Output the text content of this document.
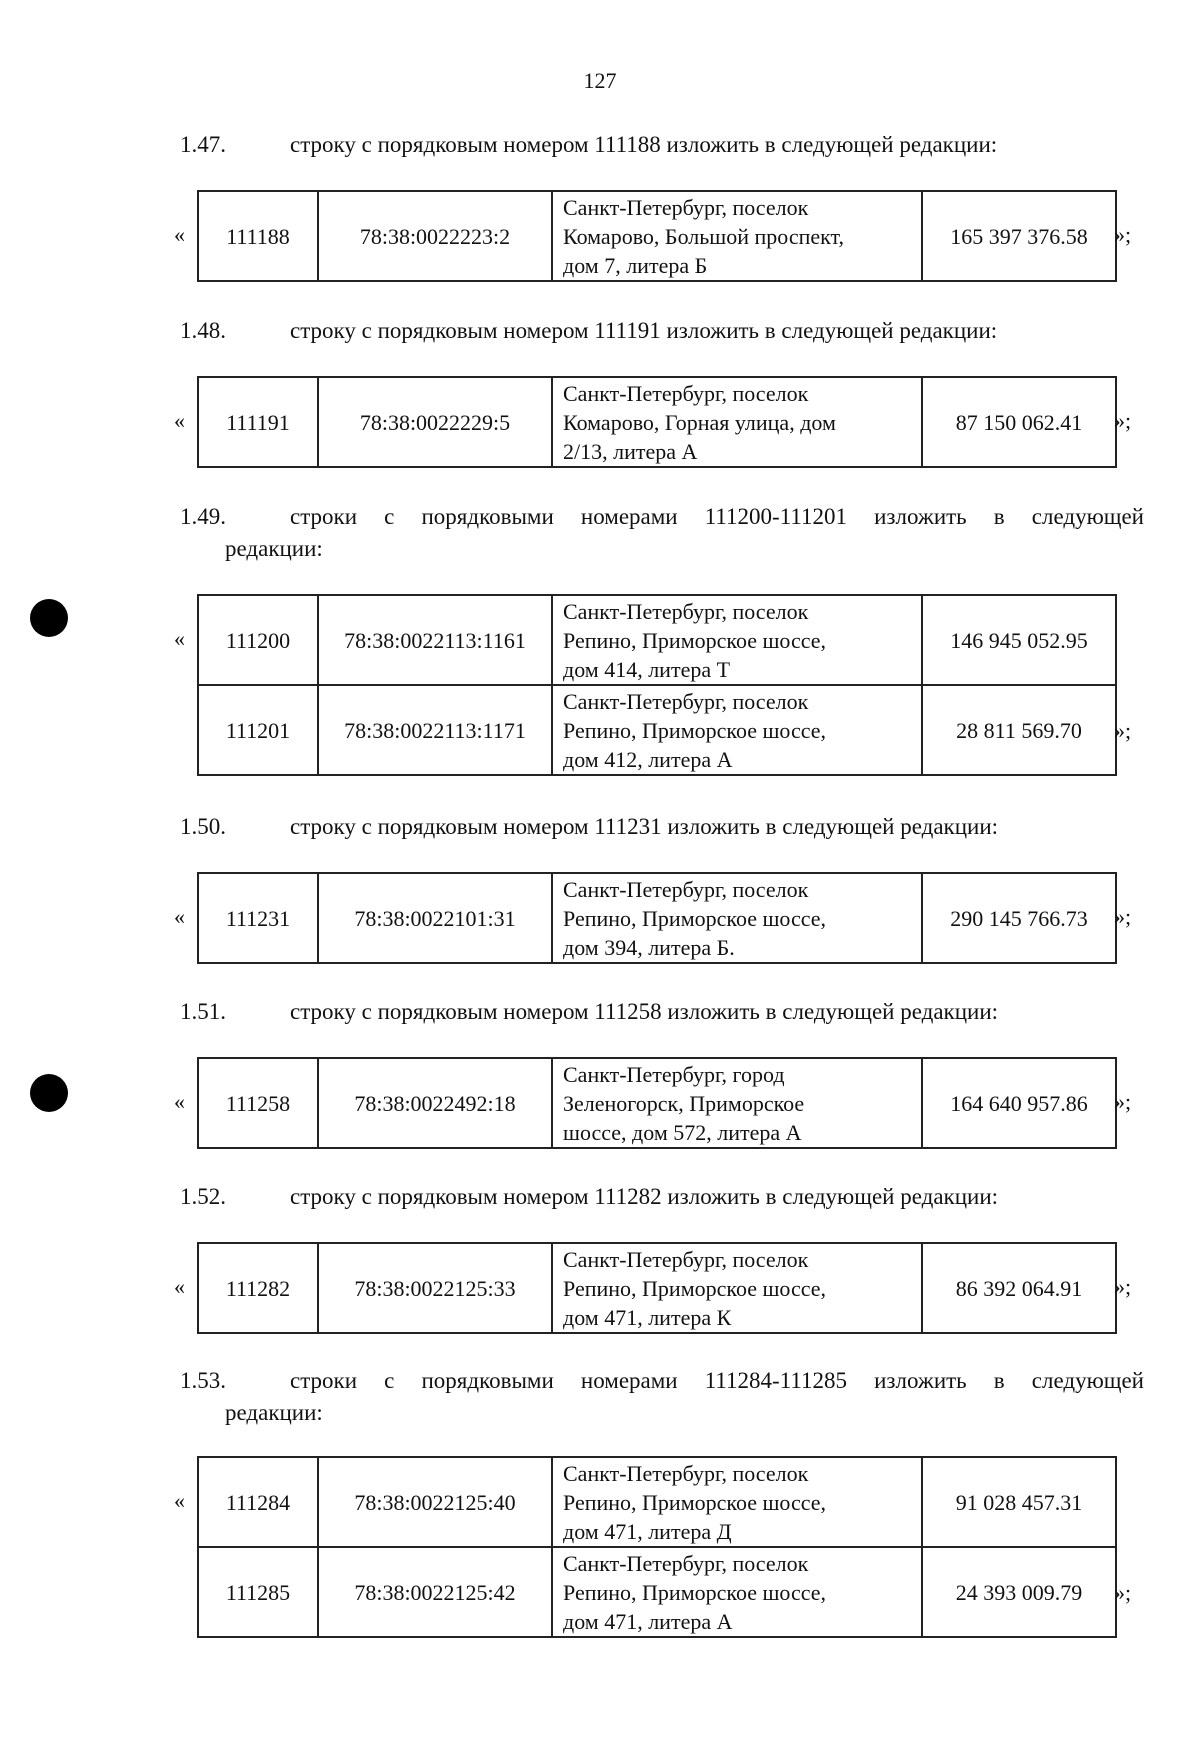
127
1.47.	строку с порядковым номером 111188 изложить в следующей редакции:
« 111188	78:38:0022223:2	
Санкт-Петербург, поселок
Комарово, Большой проспект,
дом 7, литера Б
	165 397 376.58 »;
1.48.	строку с порядковым номером 111191 изложить в следующей редакции:
« 111191	78:38:0022229:5	
Санкт-Петербург, поселок
Комарово, Горная улица, дом
2/13, литера А
	87 150 062.41 »;
1.49.	строки с порядковыми номерами 111200-111201 изложить в следующей
редакции:
« 111200	78:38:0022113:1161	Санкт-Петербург, поселок
Репино, Приморское шоссе,
дом 414, литера Т	146 945 052.95
111201	78:38:0022113:1171	Санкт-Петербург, поселок
Репино, Приморское шоссе,
дом 412, литера А	28 811 569.70 »;
1.50.	строку с порядковым номером 111231 изложить в следующей редакции:
« 111231	78:38:0022101:31	
Санкт-Петербург, поселок
Репино, Приморское шоссе,
дом 394, литера Б.
	290 145 766.73 »;
1.51.	строку с порядковым номером 111258 изложить в следующей редакции:
« 111258	78:38:0022492:18	
Санкт-Петербург, город
Зеленогорск, Приморское
шоссе, дом 572, литера А
	164 640 957.86 »;
1.52.	строку с порядковым номером 111282 изложить в следующей редакции:
« 111282	78:38:0022125:33	
Санкт-Петербург, поселок
Репино, Приморское шоссе,
дом 471, литера К
	86 392 064.91 »;
1.53.	строки с порядковыми номерами 111284-111285 изложить в следующей
редакции:
« 111284	78:38:0022125:40	Санкт-Петербург, поселок
Репино, Приморское шоссе,
дом 471, литера Д	91 028 457.31
111285	78:38:0022125:42	Санкт-Петербург, поселок
Репино, Приморское шоссе,
дом 471, литера А	24 393 009.79 »;
